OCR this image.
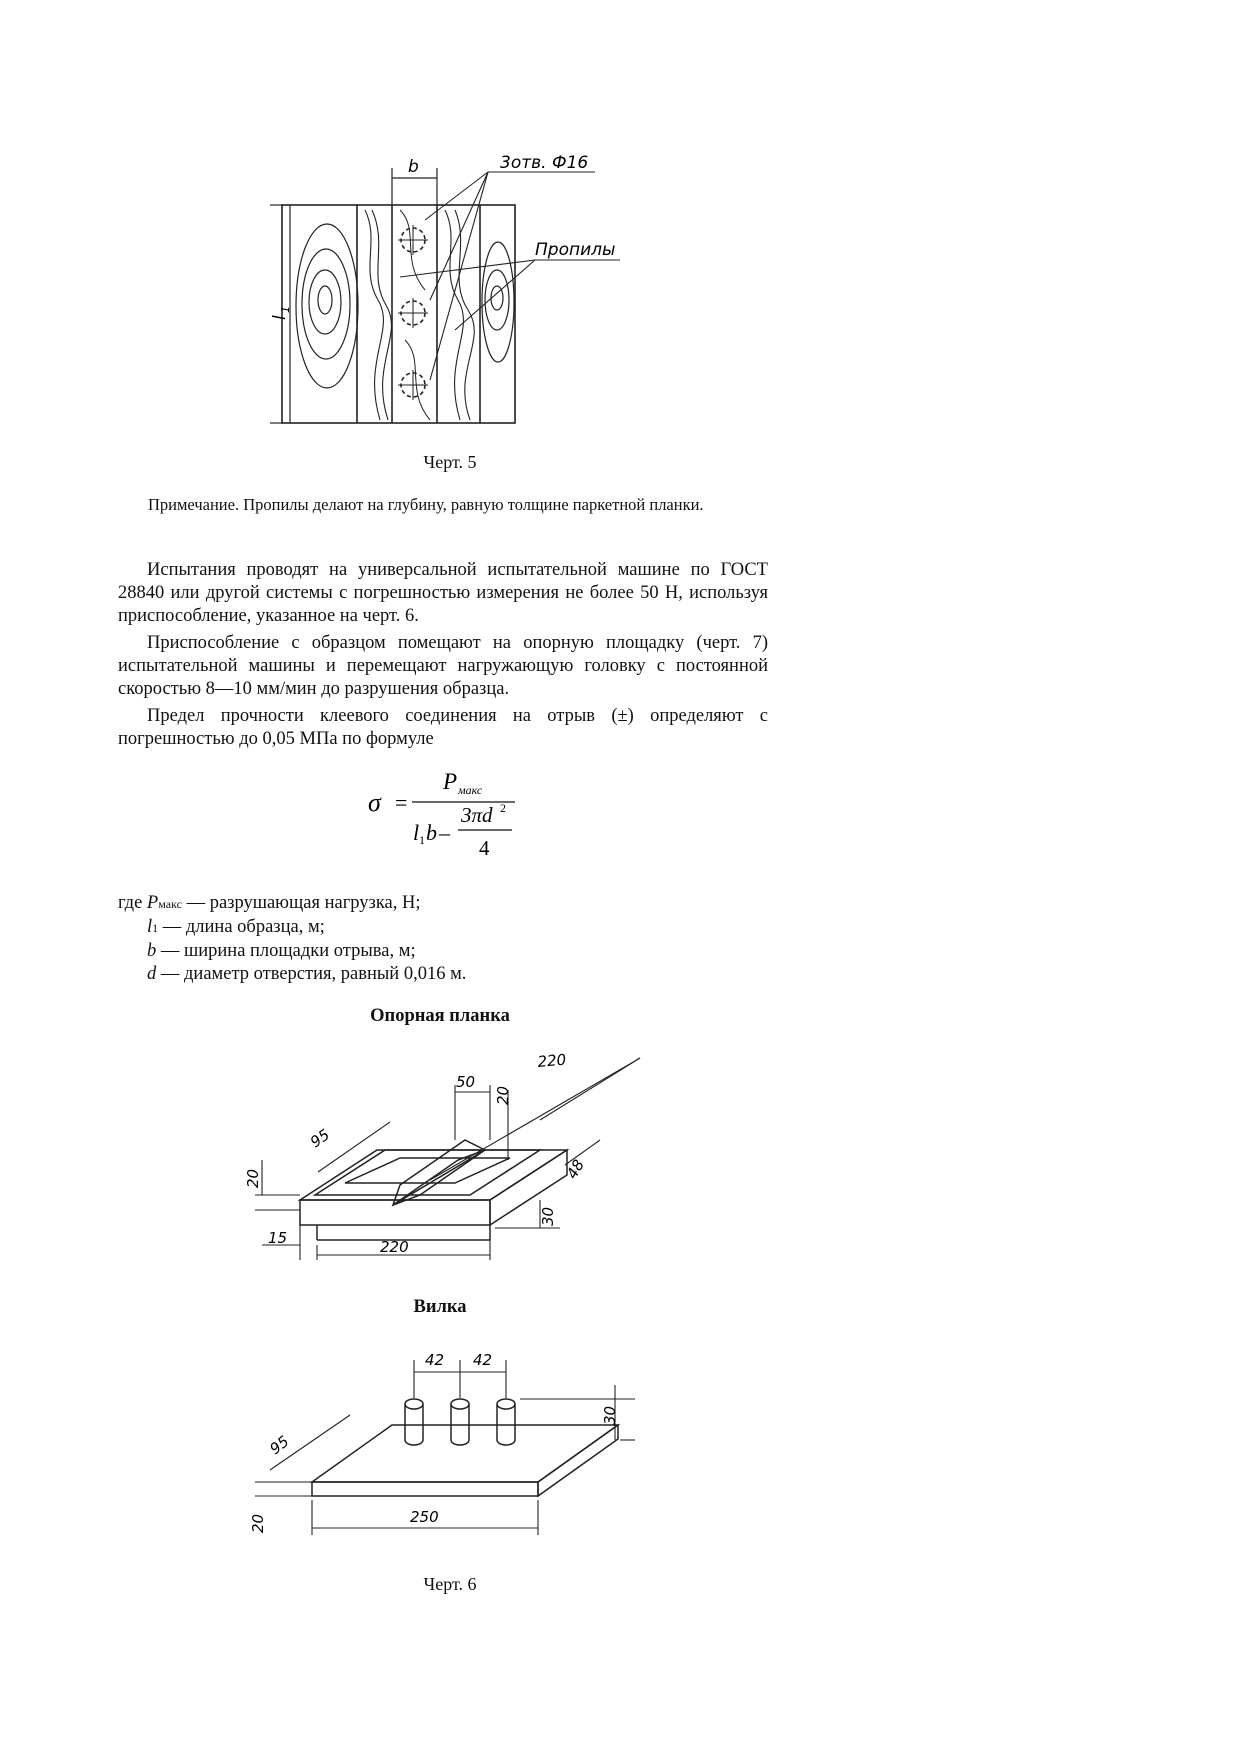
b	3отв. Ф16
Пропилы
l
1
Черт. 5
Примечание. Пропилы делают на глубину, равную толщине паркетной планки.

Испытания проводят на универсальной испытательной машине по ГОСТ 28840 или другой системы с погрешностью измерения не более 50 Н, используя приспособление, указанное на черт. 6.

Приспособление с образцом помещают на опорную площадку (черт. 7) испытательной машины и перемещают нагружающую головку с постоянной скоростью 8—10 мм/мин до разрушения образца.

Предел прочности клеевого соединения на отрыв (±) определяют с погрешностью до 0,05 МПа по формуле

σ =
P макс
l 1 b –
3πd 2
4
где Pмакс — разрушающая нагрузка, Н;
l1 — длина образца, м;
b — ширина площадки отрыва, м;
d — диаметр отверстия, равный 0,016 м.
Опорная планка
220
50
20
95
48
20
30
15	220
Вилка
42 42
30
95
20	250
Черт. 6
